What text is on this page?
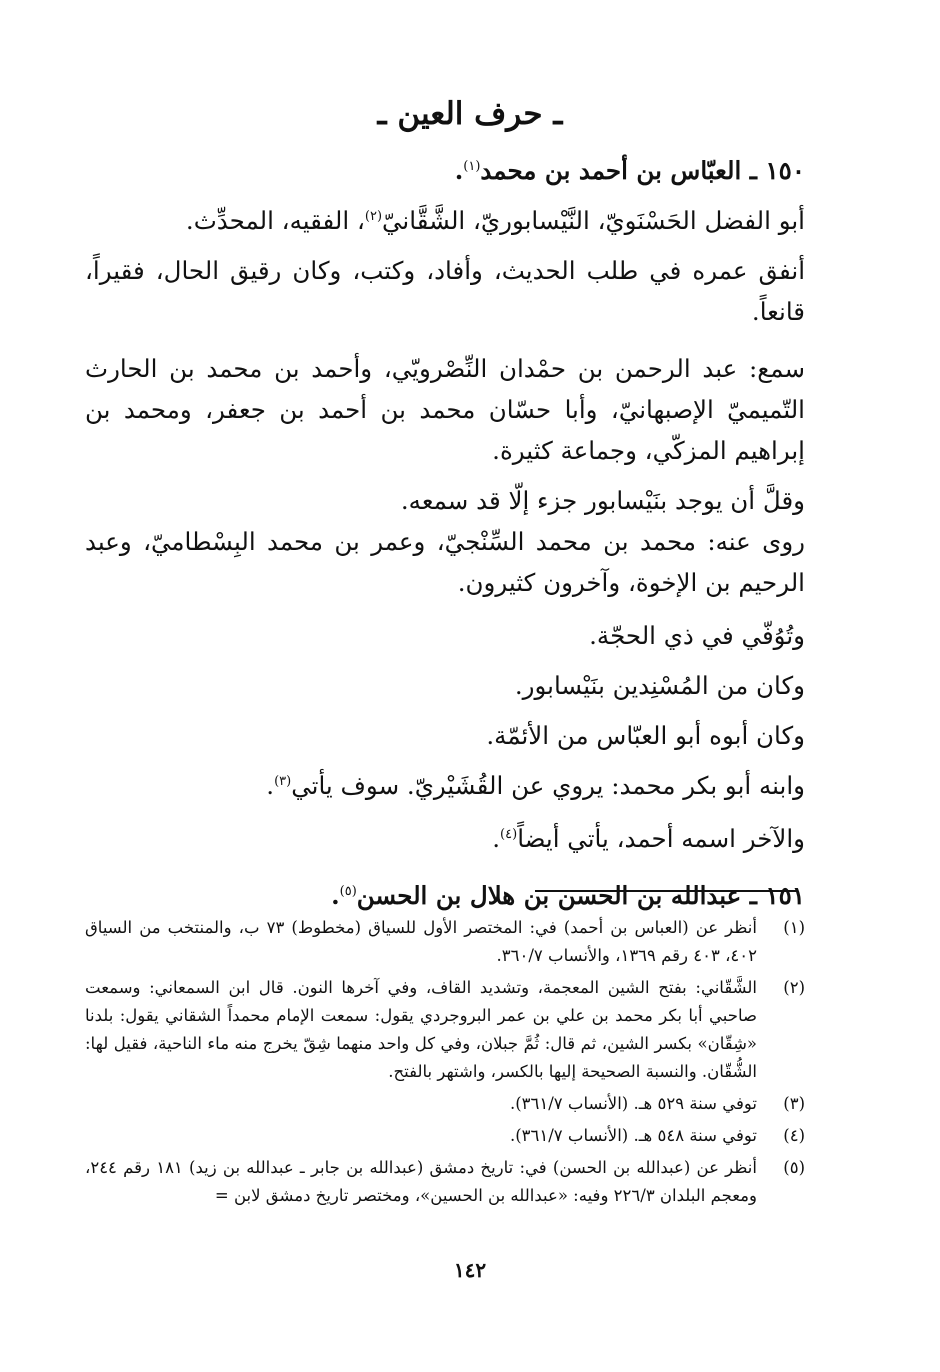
ـ حرف العين ـ

١٥٠ ـ العبّاس بن أحمد بن محمد$^{(١)}$.

أبو الفضل الحَسْنَويّ، النَّيْسابوريّ، الشَّقَّانيّ$^{(٢)}$، الفقيه، المحدِّث.

أنفق عمره في طلب الحديث، وأفاد، وكتب، وكان رقيق الحال، فقيراً، قانعاً.

سمع: عبد الرحمن بن حمْدان النِّصْرويّي، وأحمد بن محمد بن الحارث التّميميّ الإصبهانيّ، وأبا حسّان محمد بن أحمد بن جعفر، ومحمد بن إبراهيم المزكّي، وجماعة كثيرة.

وقلَّ أن يوجد بنَيْسابور جزء إلّا قد سمعه.

روى عنه: محمد بن محمد السِّنْجيّ، وعمر بن محمد البِسْطاميّ، وعبد الرحيم بن الإخوة، وآخرون كثيرون.

وتُوُفّي في ذي الحجّة.

وكان من المُسْنِدين بنَيْسابور.

وكان أبوه أبو العبّاس من الأئمّة.

وابنه أبو بكر محمد: يروي عن القُشَيْريّ. سوف يأتي$^{(٣)}$.

والآخر اسمه أحمد، يأتي أيضاً$^{(٤)}$.

١٥١ ـ عبدالله بن الحسن بن هلال بن الحسن$^{(٥)}$.

(١)
أنظر عن (العباس بن أحمد) في: المختصر الأول للسياق (مخطوط) ٧٣ ب، والمنتخب من السياق ٤٠٢، ٤٠٣ رقم ١٣٦٩، والأنساب ٣٦٠/٧.
(٢)
الشَّقّاني: بفتح الشين المعجمة، وتشديد القاف، وفي آخرها النون. قال ابن السمعاني: وسمعت صاحبي أبا بكر محمد بن علي بن عمر البروجردي يقول: سمعت الإمام محمداً الشقاني يقول: بلدنا «شِقّان» بكسر الشين، ثم قال: ثُمَّ جبلان، وفي كل واحد منهما شِقّ يخرج منه ماء الناحية، فقيل لها: الشُّقّان. والنسبة الصحيحة إليها بالكسر، واشتهر بالفتح.
(٣)
توفي سنة ٥٢٩ هـ. (الأنساب ٣٦١/٧).
(٤)
توفي سنة ٥٤٨ هـ. (الأنساب ٣٦١/٧).
(٥)
أنظر عن (عبدالله بن الحسن) في: تاريخ دمشق (عبدالله بن جابر ـ عبدالله بن زيد) ١٨١ رقم ٢٤٤، ومعجم البلدان ٢٢٦/٣ وفيه: «عبدالله بن الحسين»، ومختصر تاريخ دمشق لابن =
١٤٢
